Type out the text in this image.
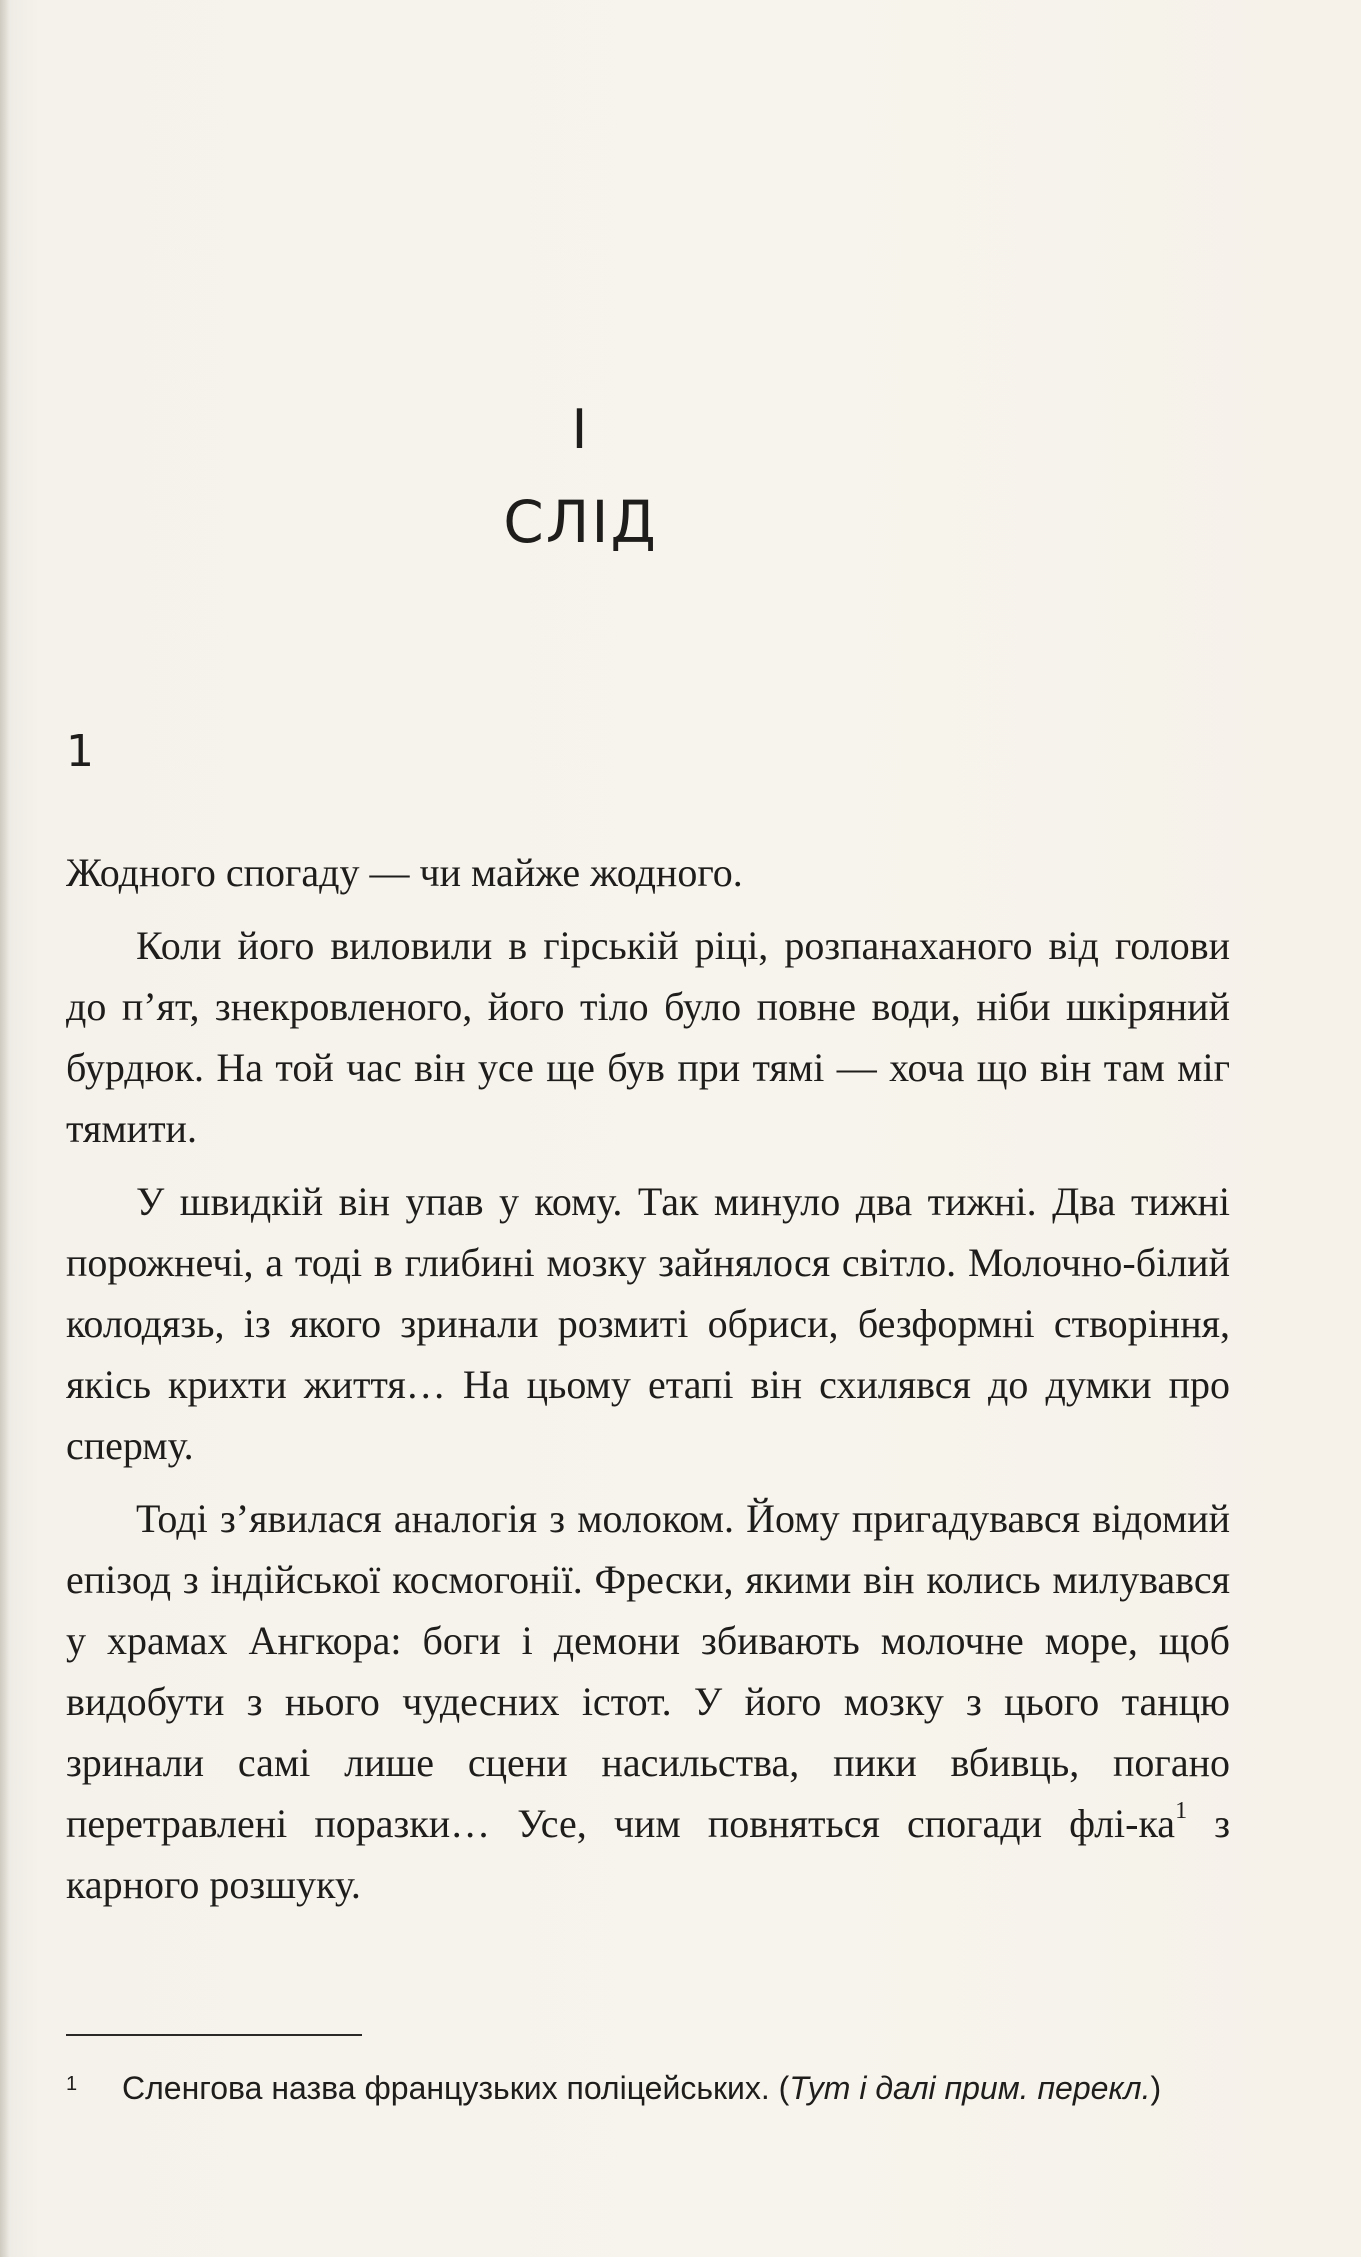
I
СЛІД
1

Жодного спогаду — чи майже жодного.

Коли його виловили в гірській ріці, розпанаханого від голови до п’ят, знекровленого, його тіло було повне води, ніби шкіряний бурдюк. На той час він усе ще був при тямі — хоча що він там міг тямити.

У швидкій він упав у кому. Так минуло два тижні. Два тижні порожнечі, а тоді в глибині мозку зайнялося світло. Молочно-білий колодязь, із якого зринали розмиті обриси, безформні створіння, якісь крихти життя… На цьому етапі він схилявся до думки про сперму.

Тоді з’явилася аналогія з молоком. Йому пригадувався відомий епізод з індійської космогонії. Фрески, якими він колись милувався у храмах Ангкора: боги і демони збивають молочне море, щоб видобути з нього чудесних істот. У його мозку з цього танцю зринали самі лише сцени насильства, пики вбивць, погано перетравлені поразки… Усе, чим повняться спогади флі-ка$^1$ з карного розшуку.

1 Сленгова назва французьких поліцейських. (Тут і далі прим. перекл.)
